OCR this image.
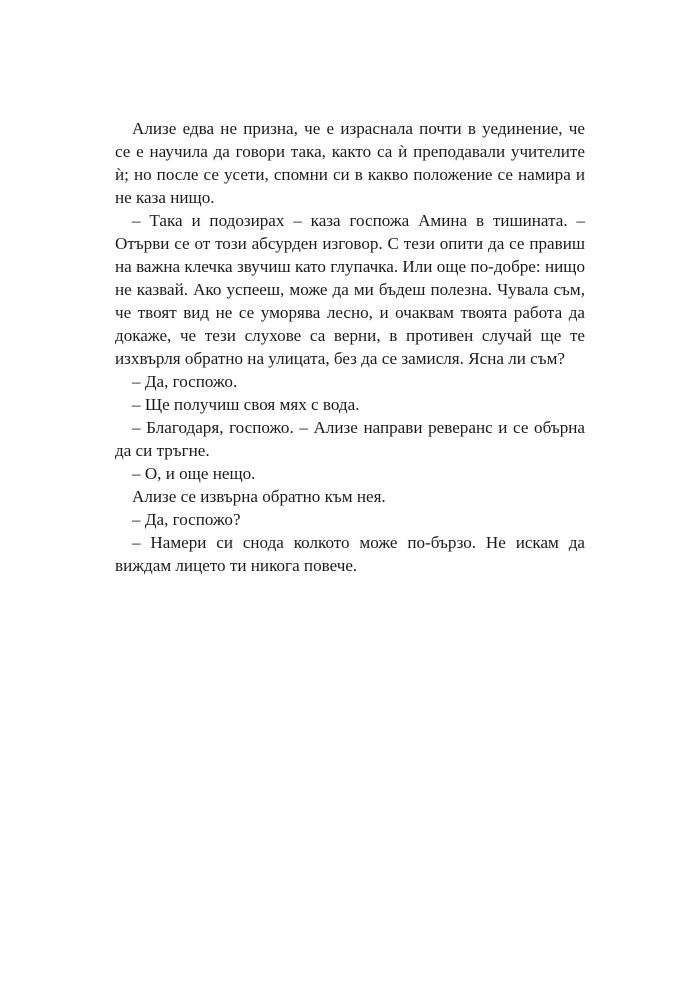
Ализе едва не призна, че е израснала почти в уединение, че се е научила да говори така, както са ѝ преподавали учителите ѝ; но после се усети, спомни си в какво положение се намира и не каза нищо.

– Така и подозирах – каза госпожа Амина в тишината. – Отърви се от този абсурден изговор. С тези опити да се правиш на важна клечка звучиш като глупачка. Или още по-добре: нищо не казвай. Ако успееш, може да ми бъдеш полезна. Чувала съм, че твоят вид не се уморява лесно, и очаквам твоята работа да докаже, че тези слухове са верни, в противен случай ще те изхвърля обратно на улицата, без да се замисля. Ясна ли съм?

– Да, госпожо.

– Ще получиш своя мях с вода.

– Благодаря, госпожо. – Ализе направи реверанс и се обърна да си тръгне.

– О, и още нещо.

Ализе се извърна обратно към нея.

– Да, госпожо?

– Намери си снода колкото може по-бързо. Не искам да виждам лицето ти никога повече.
